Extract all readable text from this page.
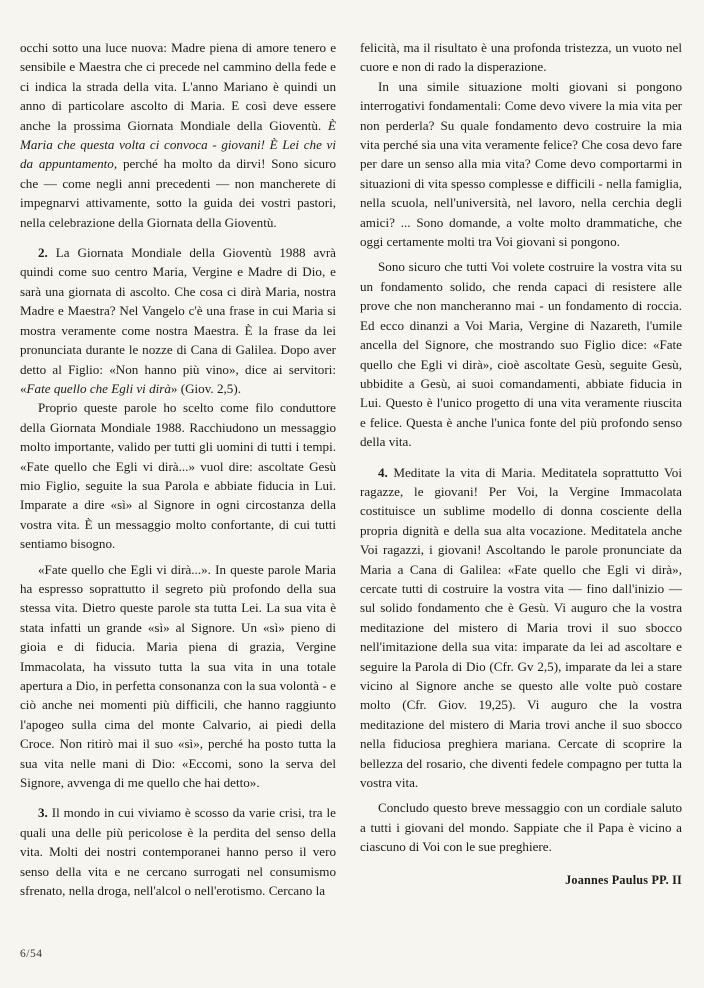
occhi sotto una luce nuova: Madre piena di amore tenero e sensibile e Maestra che ci precede nel cammino della fede e ci indica la strada della vita. L'anno Mariano è quindi un anno di particolare ascolto di Maria. E così deve essere anche la prossima Giornata Mondiale della Gioventù. È Maria che questa volta ci convoca - giovani! È Lei che vi da appuntamento, perché ha molto da dirvi! Sono sicuro che — come negli anni precedenti — non mancherete di impegnarvi attivamente, sotto la guida dei vostri pastori, nella celebrazione della Giornata della Gioventù.

2. La Giornata Mondiale della Gioventù 1988 avrà quindi come suo centro Maria, Vergine e Madre di Dio, e sarà una giornata di ascolto. Che cosa ci dirà Maria, nostra Madre e Maestra? Nel Vangelo c'è una frase in cui Maria si mostra veramente come nostra Maestra. È la frase da lei pronunciata durante le nozze di Cana di Galilea. Dopo aver detto al Figlio: «Non hanno più vino», dice ai servitori: «Fate quello che Egli vi dirà» (Giov. 2,5).

Proprio queste parole ho scelto come filo conduttore della Giornata Mondiale 1988. Racchiudono un messaggio molto importante, valido per tutti gli uomini di tutti i tempi. «Fate quello che Egli vi dirà...» vuol dire: ascoltate Gesù mio Figlio, seguite la sua Parola e abbiate fiducia in Lui. Imparate a dire «sì» al Signore in ogni circostanza della vostra vita. È un messaggio molto confortante, di cui tutti sentiamo bisogno.

«Fate quello che Egli vi dirà...». In queste parole Maria ha espresso soprattutto il segreto più profondo della sua stessa vita. Dietro queste parole sta tutta Lei. La sua vita è stata infatti un grande «sì» al Signore. Un «sì» pieno di gioia e di fiducia. Maria piena di grazia, Vergine Immacolata, ha vissuto tutta la sua vita in una totale apertura a Dio, in perfetta consonanza con la sua volontà - e ciò anche nei momenti più difficili, che hanno raggiunto l'apogeo sulla cima del monte Calvario, ai piedi della Croce. Non ritirò mai il suo «sì», perché ha posto tutta la sua vita nelle mani di Dio: «Eccomi, sono la serva del Signore, avvenga di me quello che hai detto».

3. Il mondo in cui viviamo è scosso da varie crisi, tra le quali una delle più pericolose è la perdita del senso della vita. Molti dei nostri contemporanei hanno perso il vero senso della vita e ne cercano surrogati nel consumismo sfrenato, nella droga, nell'alcol o nell'erotismo. Cercano la

felicità, ma il risultato è una profonda tristezza, un vuoto nel cuore e non di rado la disperazione.

In una simile situazione molti giovani si pongono interrogativi fondamentali: Come devo vivere la mia vita per non perderla? Su quale fondamento devo costruire la mia vita perché sia una vita veramente felice? Che cosa devo fare per dare un senso alla mia vita? Come devo comportarmi in situazioni di vita spesso complesse e difficili - nella famiglia, nella scuola, nell'università, nel lavoro, nella cerchia degli amici? ... Sono domande, a volte molto drammatiche, che oggi certamente molti tra Voi giovani si pongono.

Sono sicuro che tutti Voi volete costruire la vostra vita su un fondamento solido, che renda capaci di resistere alle prove che non mancheranno mai - un fondamento di roccia. Ed ecco dinanzi a Voi Maria, Vergine di Nazareth, l'umile ancella del Signore, che mostrando suo Figlio dice: «Fate quello che Egli vi dirà», cioè ascoltate Gesù, seguite Gesù, ubbidite a Gesù, ai suoi comandamenti, abbiate fiducia in Lui. Questo è l'unico progetto di una vita veramente riuscita e felice. Questa è anche l'unica fonte del più profondo senso della vita.

4. Meditate la vita di Maria. Meditatela soprattutto Voi ragazze, le giovani! Per Voi, la Vergine Immacolata costituisce un sublime modello di donna cosciente della propria dignità e della sua alta vocazione. Meditatela anche Voi ragazzi, i giovani! Ascoltando le parole pronunciate da Maria a Cana di Galilea: «Fate quello che Egli vi dirà», cercate tutti di costruire la vostra vita — fino dall'inizio — sul solido fondamento che è Gesù. Vi auguro che la vostra meditazione del mistero di Maria trovi il suo sbocco nell'imitazione della sua vita: imparate da lei ad ascoltare e seguire la Parola di Dio (Cfr. Gv 2,5), imparate da lei a stare vicino al Signore anche se questo alle volte può costare molto (Cfr. Giov. 19,25). Vi auguro che la vostra meditazione del mistero di Maria trovi anche il suo sbocco nella fiduciosa preghiera mariana. Cercate di scoprire la bellezza del rosario, che diventi fedele compagno per tutta la vostra vita.

Concludo questo breve messaggio con un cordiale saluto a tutti i giovani del mondo. Sappiate che il Papa è vicino a ciascuno di Voi con le sue preghiere.

Joannes Paulus PP. II
6/54
